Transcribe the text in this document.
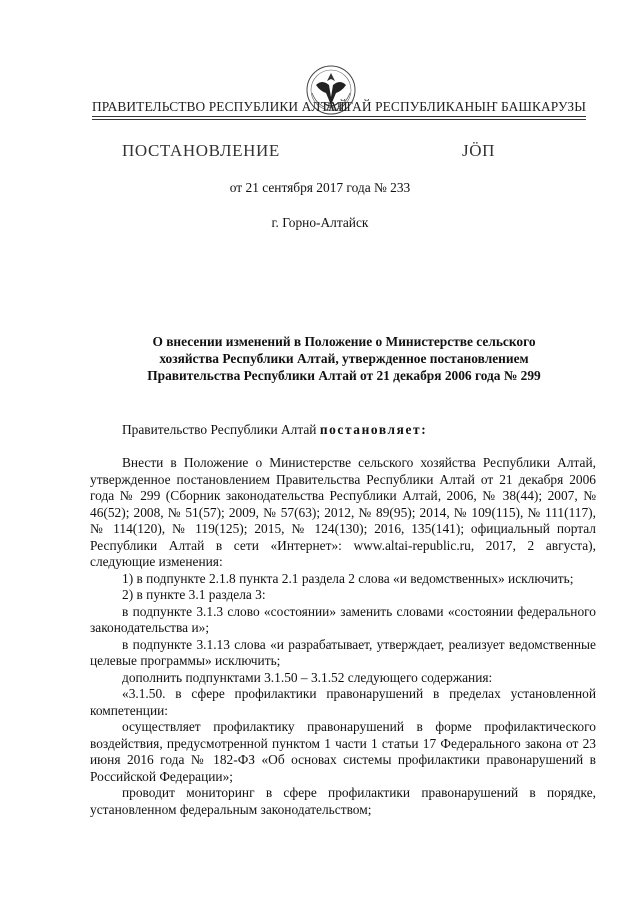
ПРАВИТЕЛЬСТВО РЕСПУБЛИКИ АЛТАЙ
АЛТАЙ РЕСПУБЛИКАНЫҤ БАШКАРУЗЫ
ПОСТАНОВЛЕНИЕ	ЈӦП
от 21 сентября 2017 года № 233
г. Горно-Алтайск
О внесении изменений в Положение о Министерстве сельского
хозяйства Республики Алтай, утвержденное постановлением
Правительства Республики Алтай от 21 декабря 2006 года № 299
Правительство Республики Алтай постановляет:

Внести в Положение о Министерстве сельского хозяйства Республики Алтай, утвержденное постановлением Правительства Республики Алтай от 21 декабря 2006 года № 299 (Сборник законодательства Республики Алтай, 2006, № 38(44); 2007, № 46(52); 2008, № 51(57); 2009, № 57(63); 2012, № 89(95); 2014, № 109(115), № 111(117), № 114(120), № 119(125); 2015, № 124(130); 2016, 135(141); официальный портал Республики Алтай в сети «Интернет»: www.altai-republic.ru, 2017, 2 августа), следующие изменения:

1) в подпункте 2.1.8 пункта 2.1 раздела 2 слова «и ведомственных» исключить;

2) в пункте 3.1 раздела 3:

в подпункте 3.1.3 слово «состоянии» заменить словами «состоянии федерального законодательства и»;

в подпункте 3.1.13 слова «и разрабатывает, утверждает, реализует ведомственные целевые программы» исключить;

дополнить подпунктами 3.1.50 – 3.1.52 следующего содержания:

«3.1.50. в сфере профилактики правонарушений в пределах установленной компетенции:

осуществляет профилактику правонарушений в форме профилактического воздействия, предусмотренной пунктом 1 части 1 статьи 17 Федерального закона от 23 июня 2016 года № 182-ФЗ «Об основах системы профилактики правонарушений в Российской Федерации»;

проводит мониторинг в сфере профилактики правонарушений в порядке, установленном федеральным законодательством;
